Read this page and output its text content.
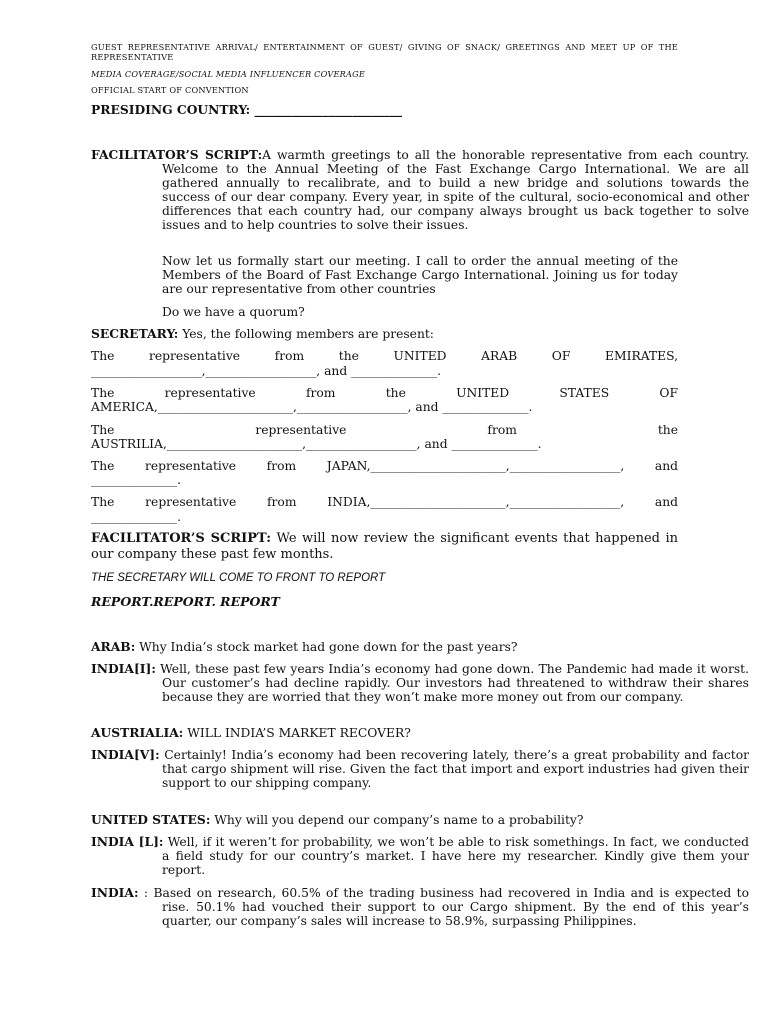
GUEST REPRESENTATIVE ARRIVAL/ ENTERTAINMENT OF GUEST/ GIVING OF SNACK/ GREETINGS AND MEET UP OF THE REPRESENTATIVE
MEDIA COVERAGE/SOCIAL MEDIA INFLUENCER COVERAGE
OFFICIAL START OF CONVENTION
PRESIDING COUNTRY: ________________________
FACILITATOR’S SCRIPT:A warmth greetings to all the honorable representative from each country. Welcome to the Annual Meeting of the Fast Exchange Cargo International. We are all gathered annually to recalibrate, and to build a new bridge and solutions towards the success of our dear company. Every year, in spite of the cultural, socio-economical and other differences that each country had, our company always brought us back together to solve issues and to help countries to solve their issues.
Now let us formally start our meeting. I call to order the annual meeting of the Members of the Board of Fast Exchange Cargo International. Joining us for today are our representative from other countries
Do we have a quorum?
SECRETARY: Yes, the following members are present:
The representative from the UNITED ARAB OF EMIRATES,
__________________,__________________, and ______________.
The representative from the UNITED STATES OF
AMERICA,______________________,__________________, and ______________.
The representative from the
AUSTRILIA,______________________,__________________, and ______________.
The representative from JAPAN,______________________,__________________, and
______________.
The representative from INDIA,______________________,__________________, and
______________.
FACILITATOR’S SCRIPT: We will now review the significant events that happened in our company these past few months.
THE SECRETARY WILL COME TO FRONT TO REPORT
REPORT.REPORT. REPORT
ARAB: Why India’s stock market had gone down for the past years?
INDIA[I]: Well, these past few years India’s economy had gone down. The Pandemic had made it worst. Our customer’s had decline rapidly. Our investors had threatened to withdraw their shares because they are worried that they won’t make more money out from our company.
AUSTRIALIA: WILL INDIA’S MARKET RECOVER?
INDIA[V]: Certainly! India’s economy had been recovering lately, there’s a great probability and factor that cargo shipment will rise. Given the fact that import and export industries had given their support to our shipping company.
UNITED STATES: Why will you depend our company’s name to a probability?
INDIA [L]: Well, if it weren’t for probability, we won’t be able to risk somethings. In fact, we conducted a field study for our country’s market. I have here my researcher. Kindly give them your report.
INDIA: : Based on research, 60.5% of the trading business had recovered in India and is expected to rise. 50.1% had vouched their support to our Cargo shipment. By the end of this year’s quarter, our company’s sales will increase to 58.9%, surpassing Philippines.
